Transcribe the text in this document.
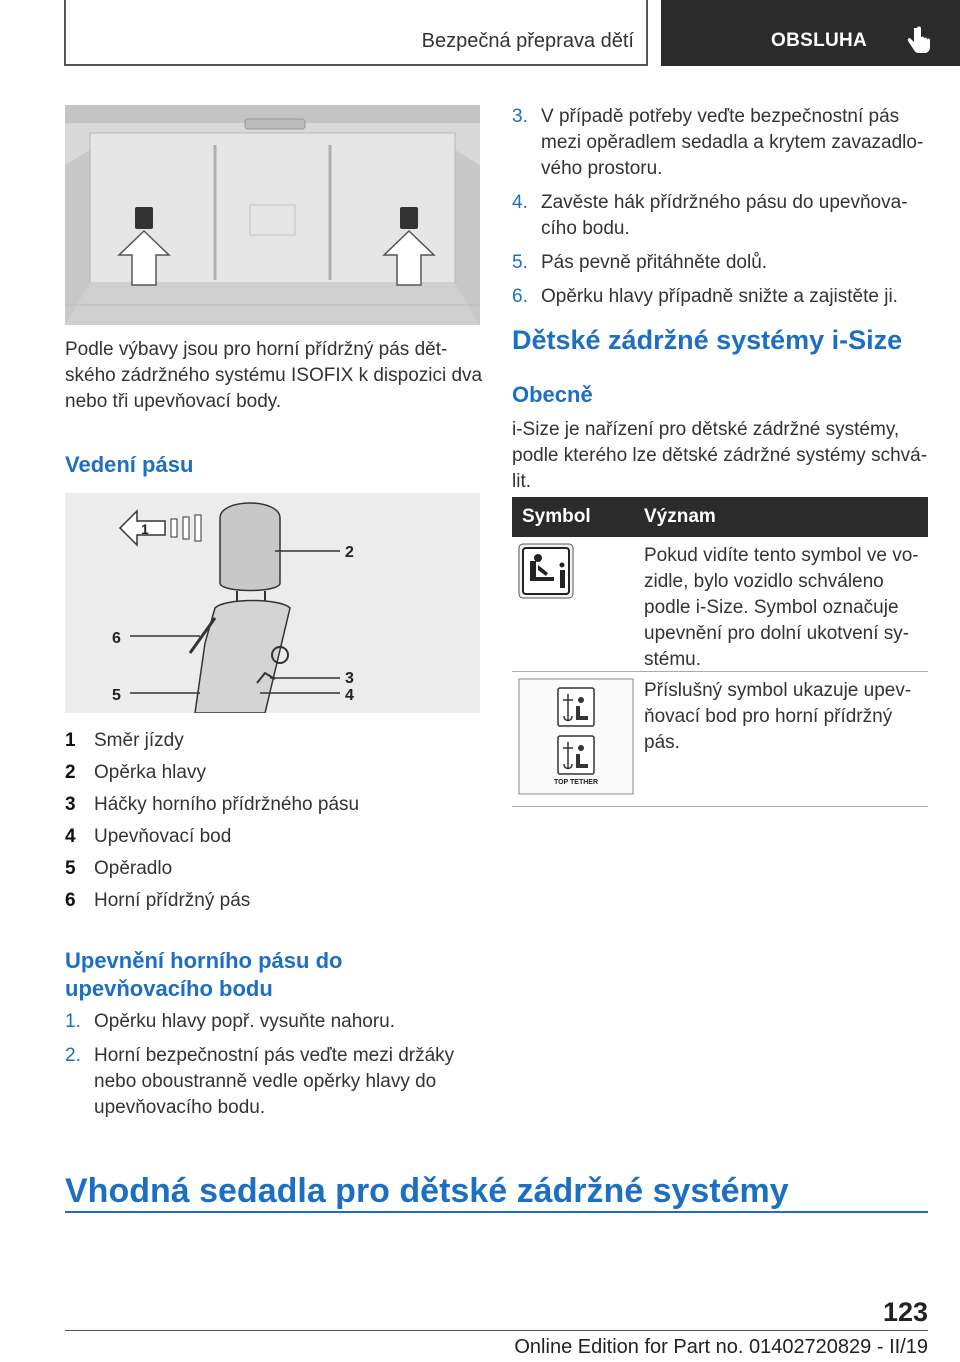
Bezpečná přeprava dětí	OBSLUHA

Podle výbavy jsou pro horní přídržný pás dětského zádržného systému ISOFIX k dispozici dva nebo tři upevňovací body.

Vedení pásu
1
2
3
4
5
6
1 Směr jízdy
2 Opěrka hlavy
3 Háčky horního přídržného pásu
4 Upevňovací bod
5 Opěradlo
6 Horní přídržný pás
Upevnění horního pásu do
upevňovacího bodu
1. Opěrku hlavy popř. vysuňte nahoru.
2. Horní bezpečnostní pás veďte mezi držáky nebo oboustranně vedle opěrky hlavy do upevňovacího bodu.
3. V případě potřeby veďte bezpečnostní pás mezi opěradlem sedadla a krytem zavazadlového prostoru.
4. Zavěste hák přídržného pásu do upevňovacího bodu.
5. Pás pevně přitáhněte dolů.
6. Opěrku hlavy případně snižte a zajistěte ji.
Dětské zádržné systémy i-Size
Obecně

i-Size je nařízení pro dětské zádržné systémy, podle kterého lze dětské zádržné systémy schválit.

Symbol	Význam
Pokud vidíte tento symbol ve vozidle, bylo vozidlo schváleno podle i-Size. Symbol označuje upevnění pro dolní ukotvení systému.
TOP TETHER
Příslušný symbol ukazuje upevňovací bod pro horní přídržný pás.
Vhodná sedadla pro dětské zádržné systémy
123
Online Edition for Part no. 01402720829 - II/19
